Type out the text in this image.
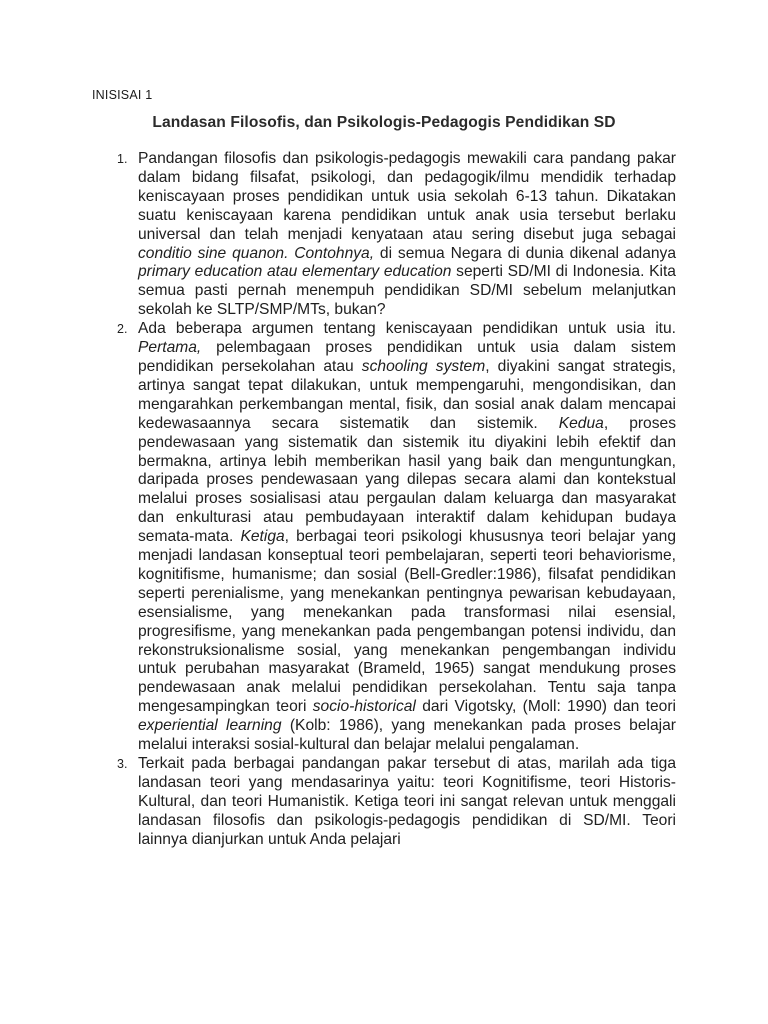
INISISAI 1
Landasan Filosofis, dan Psikologis-Pedagogis Pendidikan SD
1. Pandangan filosofis dan psikologis-pedagogis mewakili cara pandang pakar dalam bidang filsafat, psikologi, dan pedagogik/ilmu mendidik terhadap keniscayaan proses pendidikan untuk usia sekolah 6-13 tahun. Dikatakan suatu keniscayaan karena pendidikan untuk anak usia tersebut berlaku universal dan telah menjadi kenyataan atau sering disebut juga sebagai conditio sine quanon. Contohnya, di semua Negara di dunia dikenal adanya primary education atau elementary education seperti SD/MI di Indonesia. Kita semua pasti pernah menempuh pendidikan SD/MI sebelum melanjutkan sekolah ke SLTP/SMP/MTs, bukan?

2. Ada beberapa argumen tentang keniscayaan pendidikan untuk usia itu. Pertama, pelembagaan proses pendidikan untuk usia dalam sistem pendidikan persekolahan atau schooling system, diyakini sangat strategis, artinya sangat tepat dilakukan, untuk mempengaruhi, mengondisikan, dan mengarahkan perkembangan mental, fisik, dan sosial anak dalam mencapai kedewasaannya secara sistematik dan sistemik. Kedua, proses pendewasaan yang sistematik dan sistemik itu diyakini lebih efektif dan bermakna, artinya lebih memberikan hasil yang baik dan menguntungkan, daripada proses pendewasaan yang dilepas secara alami dan kontekstual melalui proses sosialisasi atau pergaulan dalam keluarga dan masyarakat dan enkulturasi atau pembudayaan interaktif dalam kehidupan budaya semata-mata. Ketiga, berbagai teori psikologi khususnya teori belajar yang menjadi landasan konseptual teori pembelajaran, seperti teori behaviorisme, kognitifisme, humanisme; dan sosial (Bell-Gredler:1986), filsafat pendidikan seperti perenialisme, yang menekankan pentingnya pewarisan kebudayaan, esensialisme, yang menekankan pada transformasi nilai esensial, progresifisme, yang menekankan pada pengembangan potensi individu, dan rekonstruksionalisme sosial, yang menekankan pengembangan individu untuk perubahan masyarakat (Brameld, 1965) sangat mendukung proses pendewasaan anak melalui pendidikan persekolahan. Tentu saja tanpa mengesampingkan teori socio-historical dari Vigotsky, (Moll: 1990) dan teori experiential learning (Kolb: 1986), yang menekankan pada proses belajar melalui interaksi sosial-kultural dan belajar melalui pengalaman.

3. Terkait pada berbagai pandangan pakar tersebut di atas, marilah ada tiga landasan teori yang mendasarinya yaitu: teori Kognitifisme, teori Historis-Kultural, dan teori Humanistik. Ketiga teori ini sangat relevan untuk menggali landasan filosofis dan psikologis-pedagogis pendidikan di SD/MI. Teori lainnya dianjurkan untuk Anda pelajari
